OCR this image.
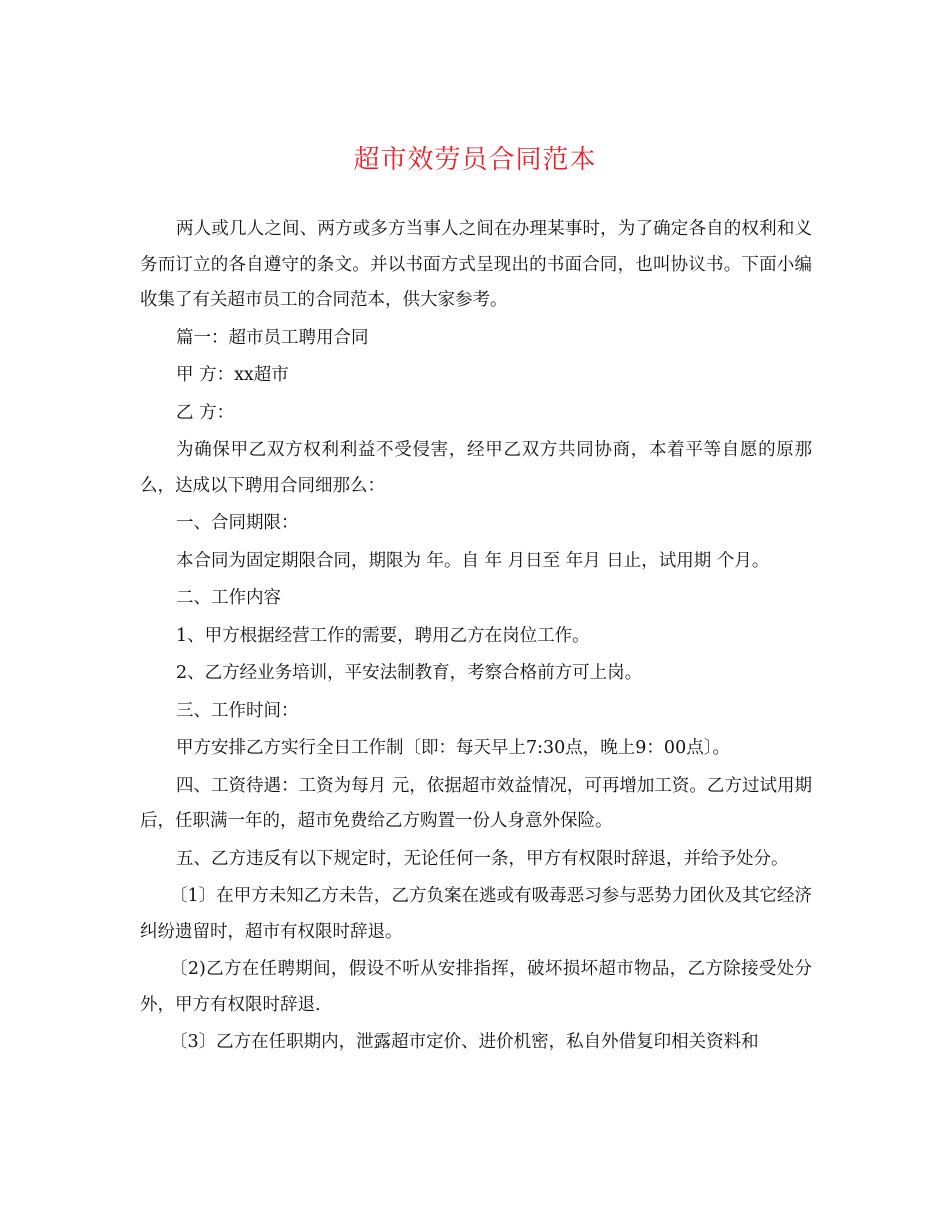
超市效劳员合同范本

两人或几人之间、两方或多方当事人之间在办理某事时，为了确定各自的权利和义务而订立的各自遵守的条文。并以书面方式呈现出的书面合同，也叫协议书。下面小编收集了有关超市员工的合同范本，供大家参考。

篇一：超市员工聘用合同

甲 方：xx超市

乙 方：

为确保甲乙双方权利利益不受侵害，经甲乙双方共同协商，本着平等自愿的原那么，达成以下聘用合同细那么：

一、合同期限：

本合同为固定期限合同，期限为 年。自 年 月日至 年月 日止，试用期 个月。

二、工作内容

1、甲方根据经营工作的需要，聘用乙方在岗位工作。

2、乙方经业务培训，平安法制教育，考察合格前方可上岗。

三、工作时间：

甲方安排乙方实行全日工作制〔即：每天早上7:30点，晚上9：00点〕。

四、工资待遇：工资为每月 元，依据超市效益情况，可再增加工资。乙方过试用期后，任职满一年的，超市免费给乙方购置一份人身意外保险。

五、乙方违反有以下规定时，无论任何一条，甲方有权限时辞退，并给予处分。

〔1〕在甲方未知乙方未告，乙方负案在逃或有吸毒恶习参与恶势力团伙及其它经济纠纷遗留时，超市有权限时辞退。

〔2)乙方在任聘期间，假设不听从安排指挥，破坏损坏超市物品，乙方除接受处分外，甲方有权限时辞退.

〔3〕乙方在任职期内，泄露超市定价、进价机密，私自外借复印相关资料和
